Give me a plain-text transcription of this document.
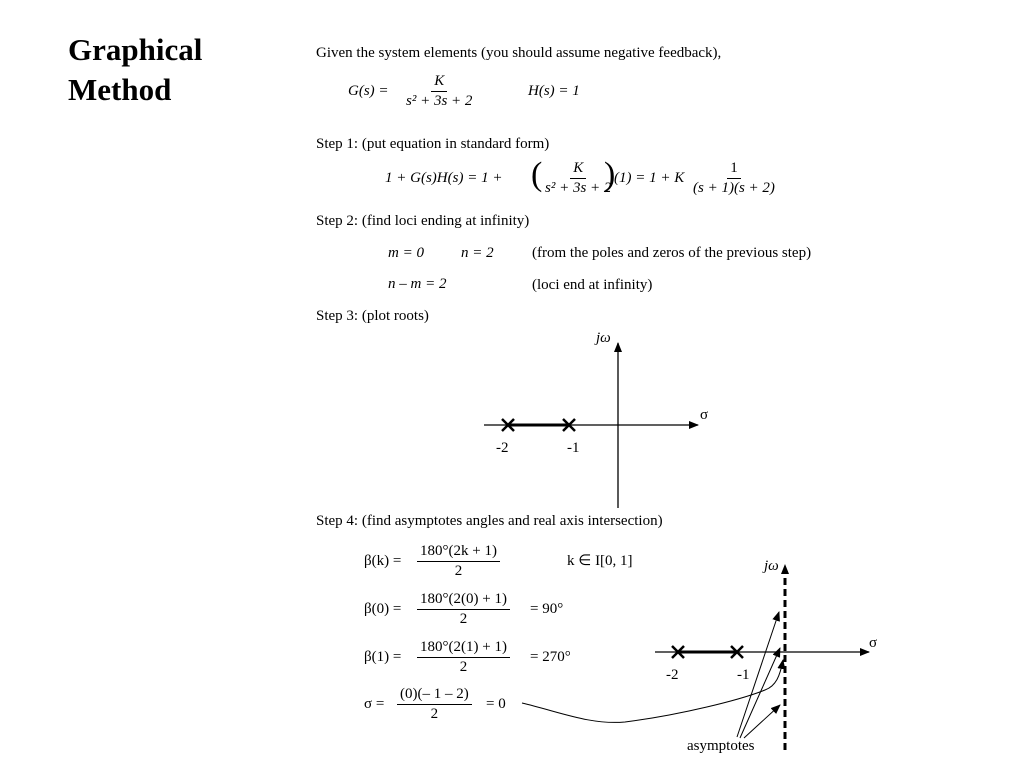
Graphical
Method
Given the system elements (you should assume negative feedback),
$G(s) = \frac{K}{\text{s² + 3s + 2}}$	H(s) = 1
Step 1: (put equation in standard form)
1 + G(s)H(s) = 1 + ( $\frac{K}{\text{s² + 3s + 2}}$
)
(1) = 1 + K $\frac{1}{(s + 1)(s + 2)}$
Step 2: (find loci ending at infinity)
m = 0 n = 2	(from the poles and zeros of the previous step)
n – m = 2	(loci end at infinity)
Step 3: (plot roots)
jω
σ
-2	-1
Step 4: (find asymptotes angles and real axis intersection)
$\beta(k) = \frac{180^\circ(2k + 1)}{2}$	k ∈ I[0, 1]
$\beta(0) = \frac{180^\circ(2(0) + 1)}{2} = 90^\circ$
$\beta(1) = \frac{180^\circ(2(1) + 1)}{2} = 270^\circ$
$\sigma = \frac{(0)(- 1 - 2)}{2} = 0$
jω
σ
-2	-1
asymptotes
